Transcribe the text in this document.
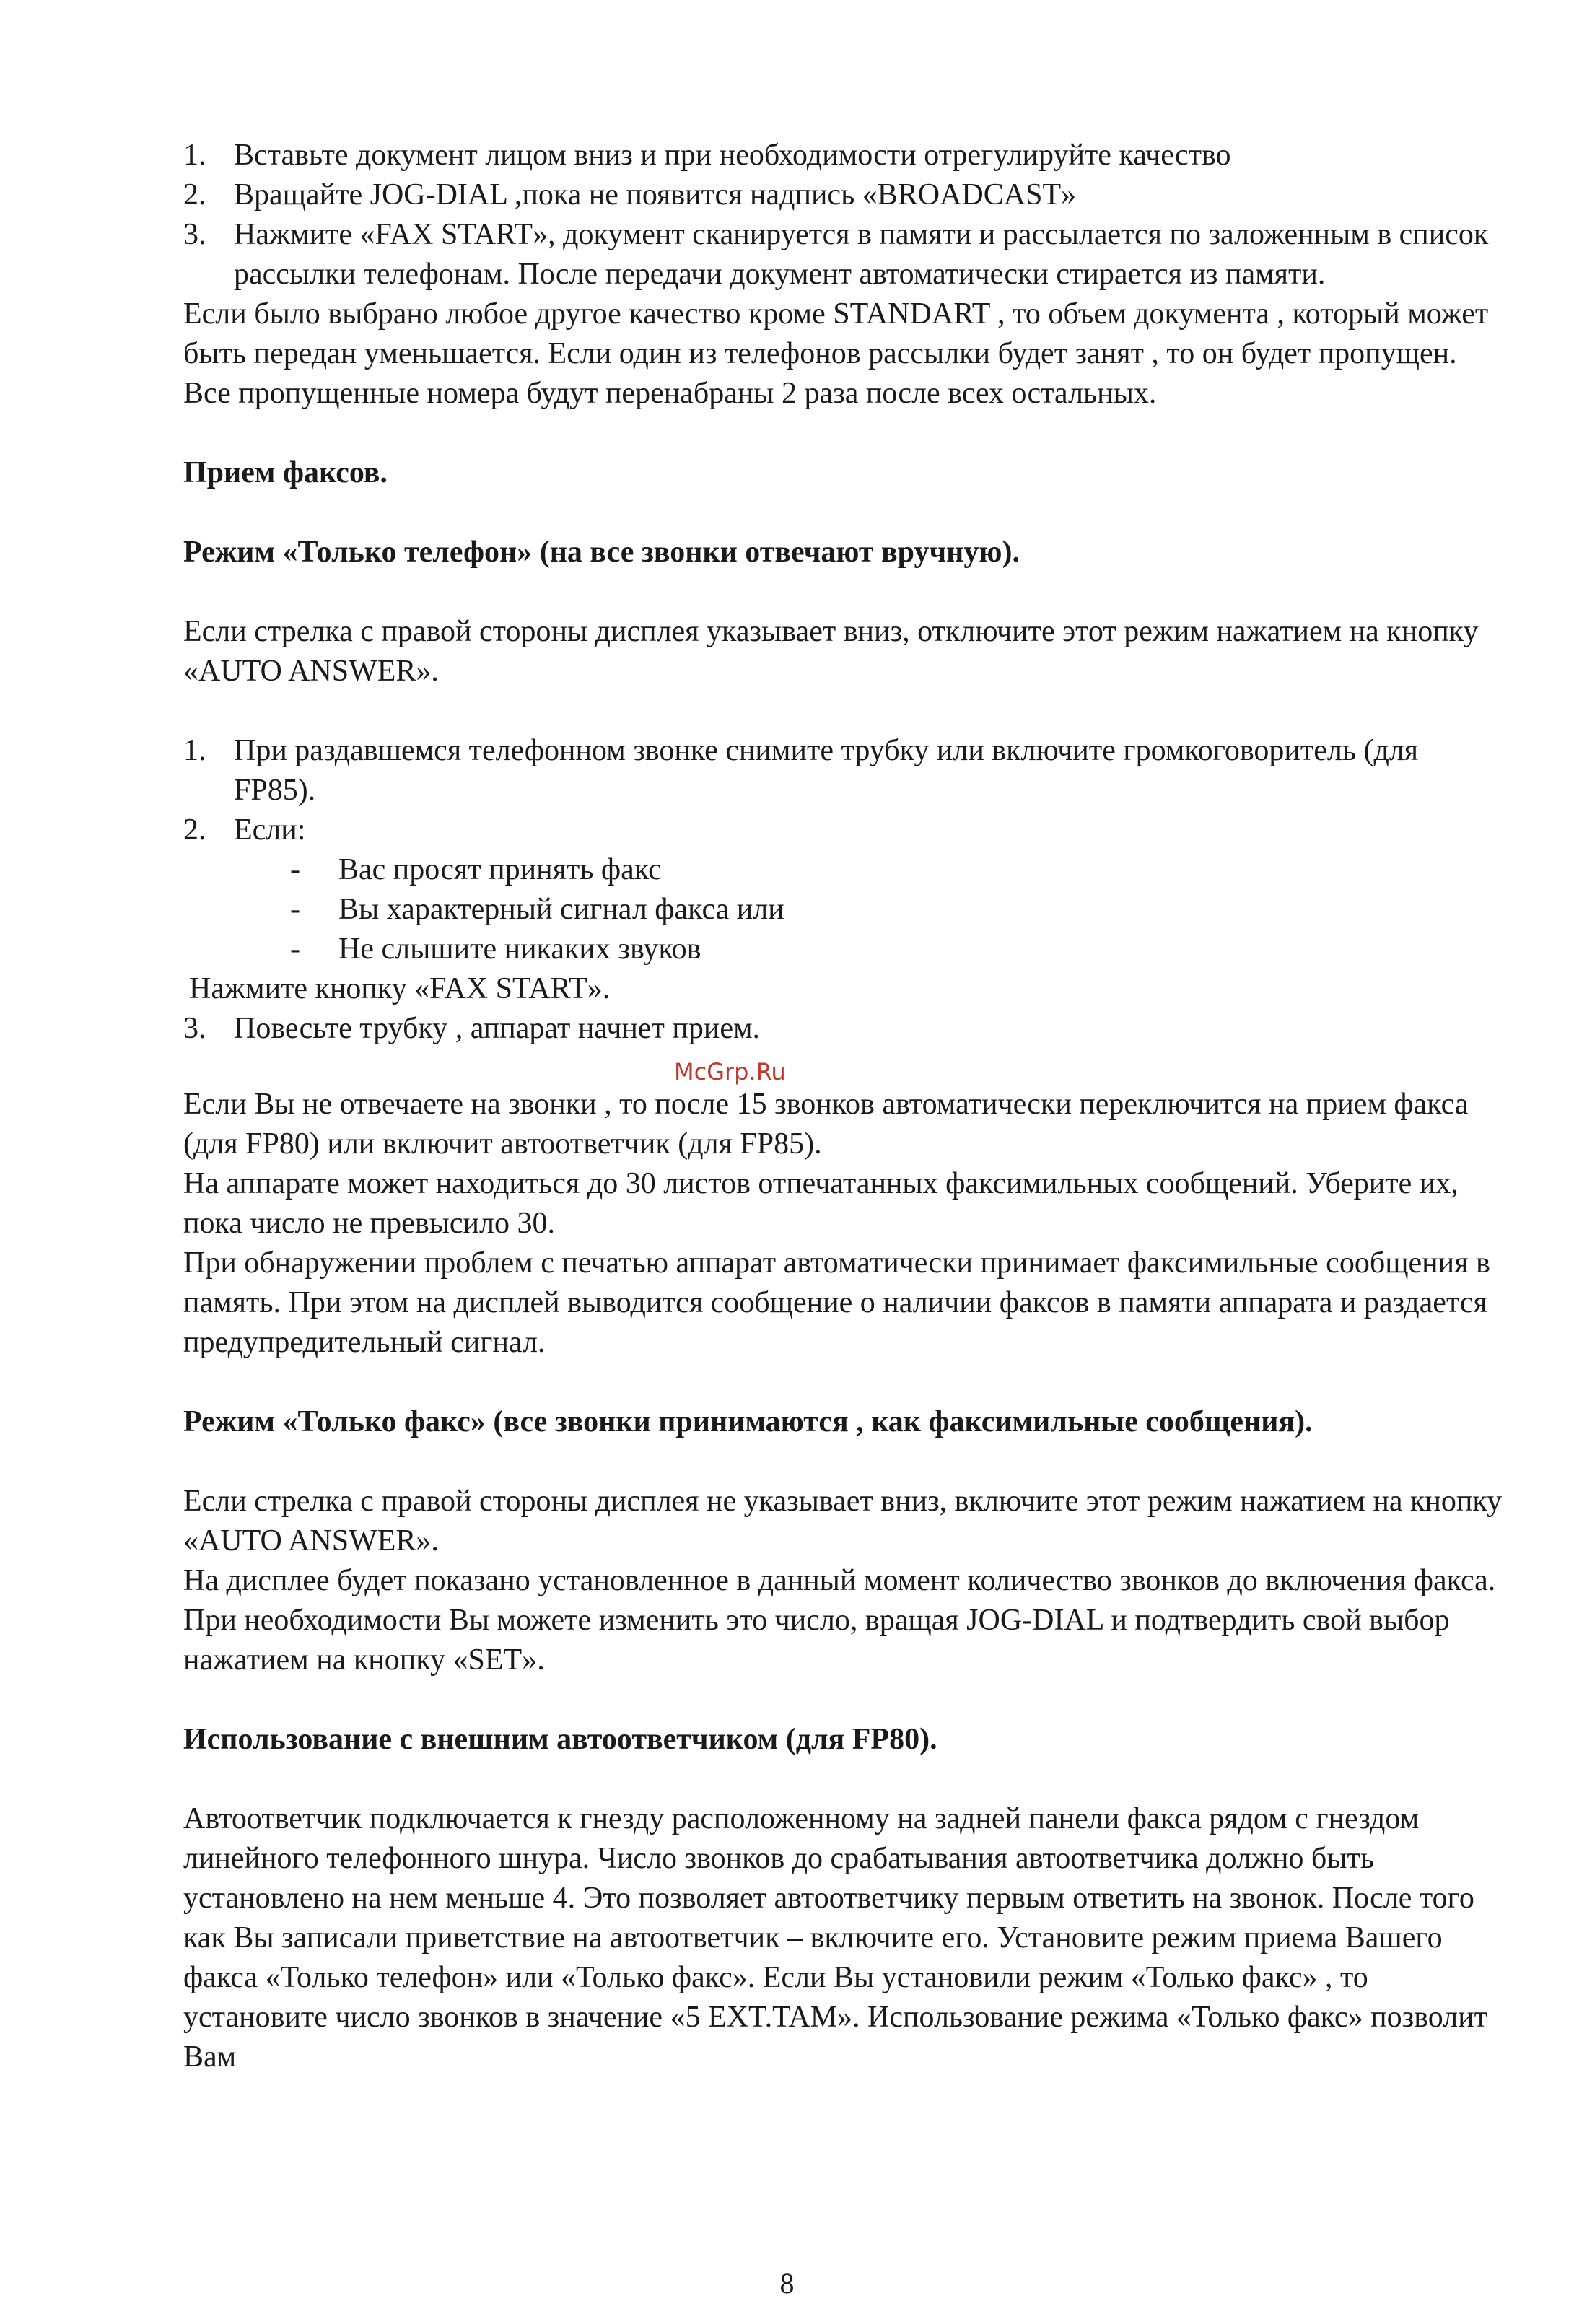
1. Вставьте документ лицом вниз и при необходимости отрегулируйте качество
2. Вращайте JOG-DIAL ,пока не появится надпись «BROADCAST»
3. Нажмите «FAX START», документ сканируется в памяти и рассылается по заложенным в список рассылки телефонам. После передачи документ автоматически стирается из памяти.

Если было выбрано любое другое качество кроме STANDART , то объем документа , который может быть передан уменьшается. Если один из телефонов рассылки будет занят , то он будет пропущен. Все пропущенные номера будут перенабраны 2 раза после всех остальных.

Прием факсов.

Режим «Только телефон» (на все звонки отвечают вручную).

Если стрелка с правой стороны дисплея указывает вниз, отключите этот режим нажатием на кнопку «AUTO ANSWER».

1. При раздавшемся телефонном звонке снимите трубку или включите громкоговоритель (для FP85).
2. Если:
- Вас просят принять факс
- Вы характерный сигнал факса или
- Не слышите никаких звуков

Нажмите кнопку «FAX START».

3. Повесьте трубку , аппарат начнет прием.
McGrp.Ru

Если Вы не отвечаете на звонки , то после 15 звонков автоматически переключится на прием факса (для FP80) или включит автоответчик (для FP85).

На аппарате может находиться до 30 листов отпечатанных факсимильных сообщений. Уберите их, пока число не превысило 30.

При обнаружении проблем с печатью аппарат автоматически принимает факсимильные сообщения в память. При этом на дисплей выводится сообщение о наличии факсов в памяти аппарата и раздается предупредительный сигнал.

Режим «Только факс» (все звонки принимаются , как факсимильные сообщения).

Если стрелка с правой стороны дисплея не указывает вниз, включите этот режим нажатием на кнопку «AUTO ANSWER».

На дисплее будет показано установленное в данный момент количество звонков до включения факса. При необходимости Вы можете изменить это число, вращая JOG-DIAL и подтвердить свой выбор нажатием на кнопку «SET».

Использование с внешним автоответчиком (для FP80).

Автоответчик подключается к гнезду расположенному на задней панели факса рядом с гнездом линейного телефонного шнура. Число звонков до срабатывания автоответчика должно быть установлено на нем меньше 4. Это позволяет автоответчику первым ответить на звонок. После того как Вы записали приветствие на автоответчик – включите его. Установите режим приема Вашего факса «Только телефон» или «Только факс». Если Вы установили режим «Только факс» , то установите число звонков в значение «5 EXT.TAM». Использование режима «Только факс» позволит Вам

8
